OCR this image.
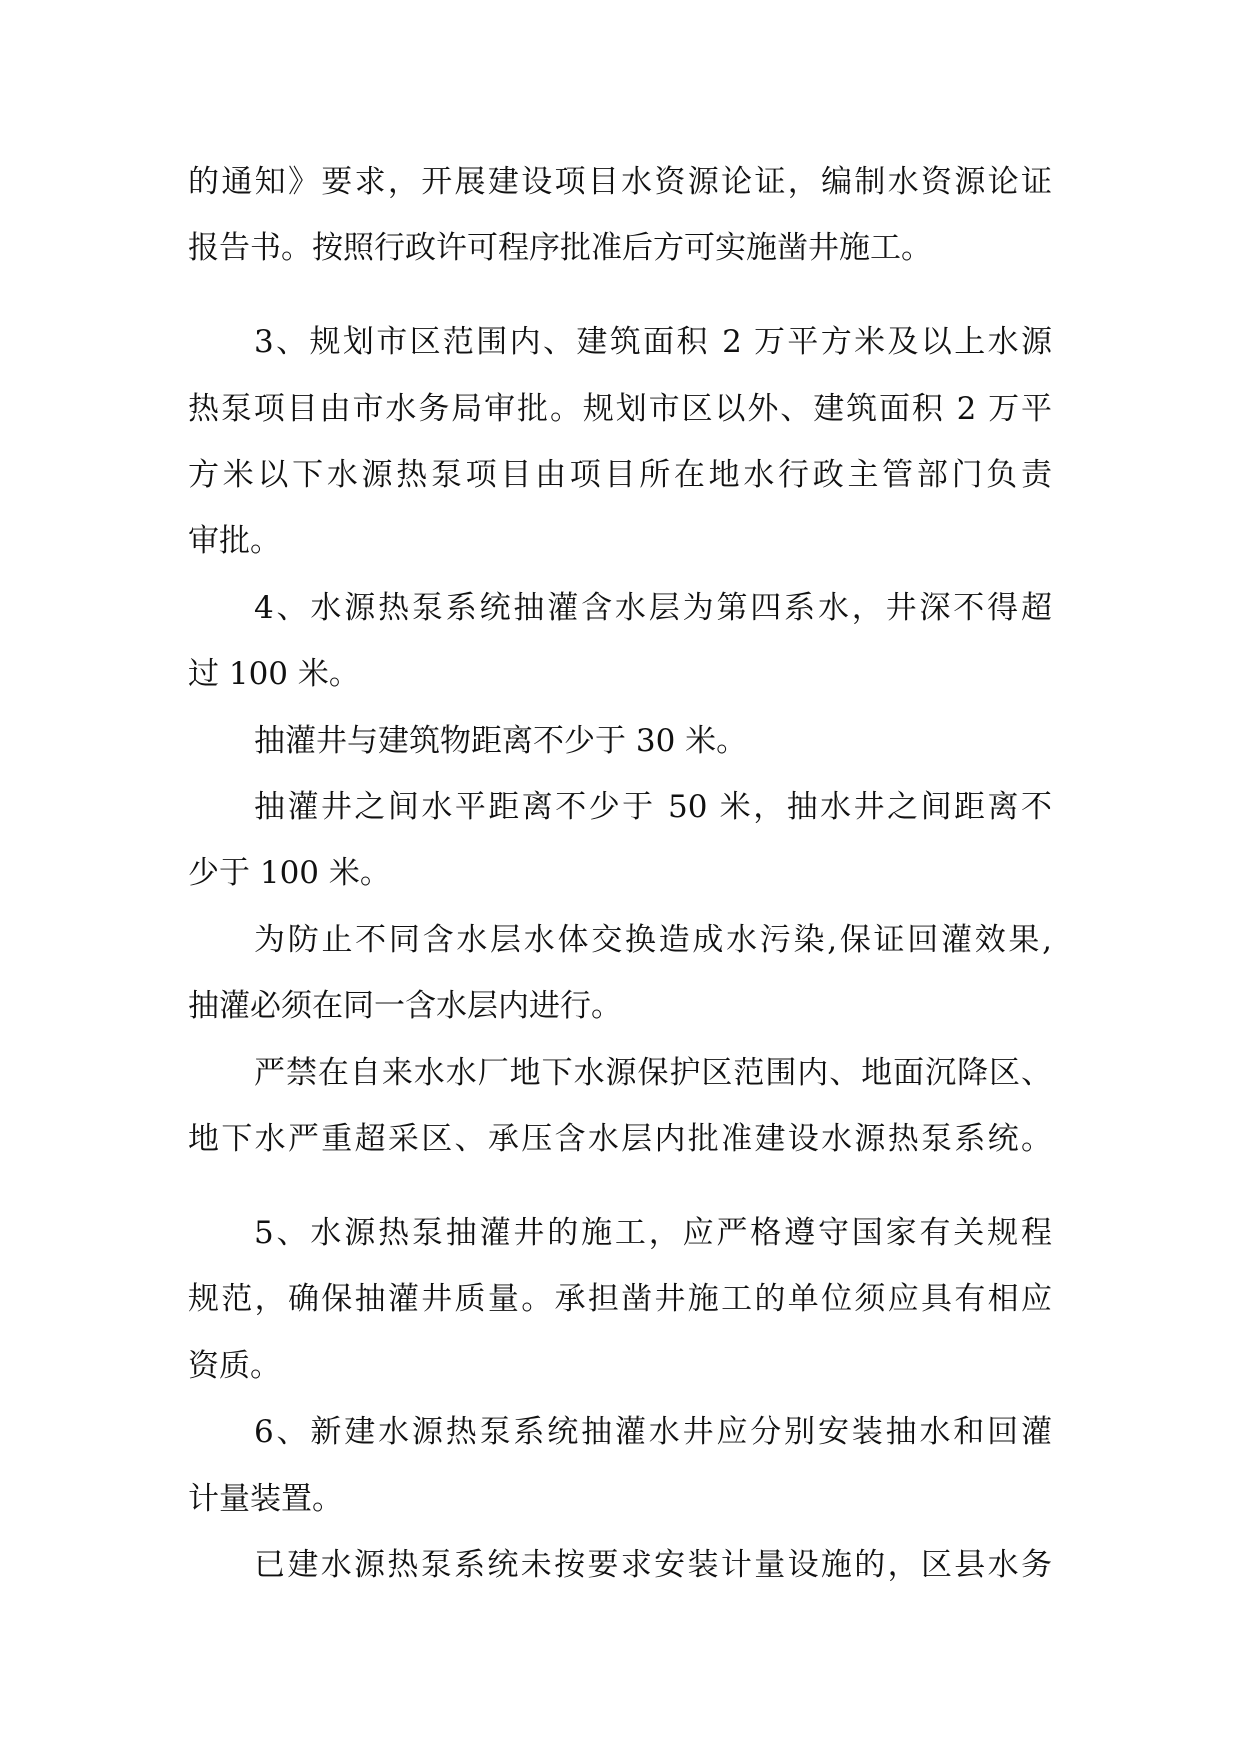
的通知》要求，开展建设项目水资源论证，编制水资源论证
报告书。按照行政许可程序批准后方可实施凿井施工。
3、规划市区范围内、建筑面积 2 万平方米及以上水源
热泵项目由市水务局审批。规划市区以外、建筑面积 2 万平
方米以下水源热泵项目由项目所在地水行政主管部门负责
审批。
4、水源热泵系统抽灌含水层为第四系水，井深不得超
过 100 米。
抽灌井与建筑物距离不少于 30 米。
抽灌井之间水平距离不少于 50 米，抽水井之间距离不
少于 100 米。
为防止不同含水层水体交换造成水污染,保证回灌效果,
抽灌必须在同一含水层内进行。
严禁在自来水水厂地下水源保护区范围内、地面沉降区、
地下水严重超采区、承压含水层内批准建设水源热泵系统。
5、水源热泵抽灌井的施工，应严格遵守国家有关规程
规范，确保抽灌井质量。承担凿井施工的单位须应具有相应
资质。
6、新建水源热泵系统抽灌水井应分别安装抽水和回灌
计量装置。
已建水源热泵系统未按要求安装计量设施的，区县水务
